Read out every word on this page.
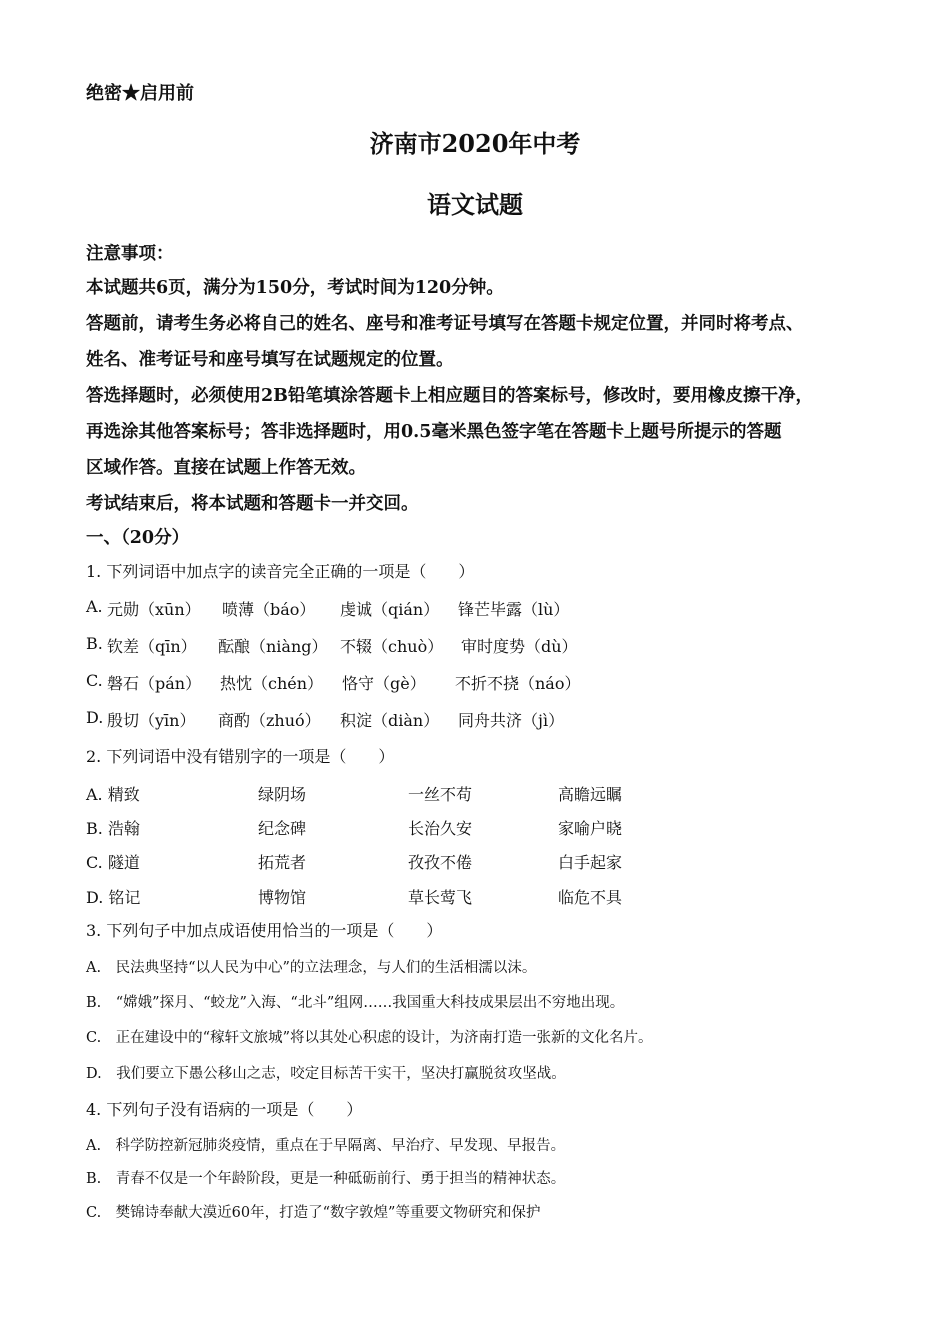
绝密★启用前
济南市2020年中考
语文试题
注意事项：
本试题共6页，满分为150分，考试时间为120分钟。
答题前，请考生务必将自己的姓名、座号和准考证号填写在答题卡规定位置，并同时将考点、
姓名、准考证号和座号填写在试题规定的位置。
答选择题时，必须使用2B铅笔填涂答题卡上相应题目的答案标号，修改时，要用橡皮擦干净，
再选涂其他答案标号；答非选择题时，用0.5毫米黑色签字笔在答题卡上题号所提示的答题
区域作答。直接在试题上作答无效。
考试结束后，将本试题和答题卡一并交回。
一、（20分）
1. 下列词语中加点字的读音完全正确的一项是（　　）
A. 元勋（xūn） 喷薄（báo） 虔诚（qián） 锋芒毕露（lù）
B. 钦差（qīn） 酝酿（niàng） 不辍（chuò） 审时度势（dù）
C. 磐石（pán） 热忱（chén） 恪守（gè） 不折不挠（náo）
D. 殷切（yīn） 商酌（zhuó） 积淀（diàn） 同舟共济（jì）
2. 下列词语中没有错别字的一项是（　　）
A. 精致	绿阴场	一丝不苟	高瞻远瞩
B. 浩翰	纪念碑	长治久安	家喻户晓
C. 隧道	拓荒者	孜孜不倦	白手起家
D. 铭记	博物馆	草长莺飞	临危不具
3. 下列句子中加点成语使用恰当的一项是（　　）
A.　民法典坚持“以人民为中心”的立法理念，与人们的生活相濡以沫。
B.　“嫦娥”探月、“蛟龙”入海、“北斗”组网……我国重大科技成果层出不穷地出现。
C.　正在建设中的“稼轩文旅城”将以其处心积虑的设计，为济南打造一张新的文化名片。
D.　我们要立下愚公移山之志，咬定目标苦干实干，坚决打赢脱贫攻坚战。
4. 下列句子没有语病的一项是（　　）
A.　科学防控新冠肺炎疫情，重点在于早隔离、早治疗、早发现、早报告。
B.　青春不仅是一个年龄阶段，更是一种砥砺前行、勇于担当的精神状态。
C.　樊锦诗奉献大漠近60年，打造了“数字敦煌”等重要文物研究和保护
